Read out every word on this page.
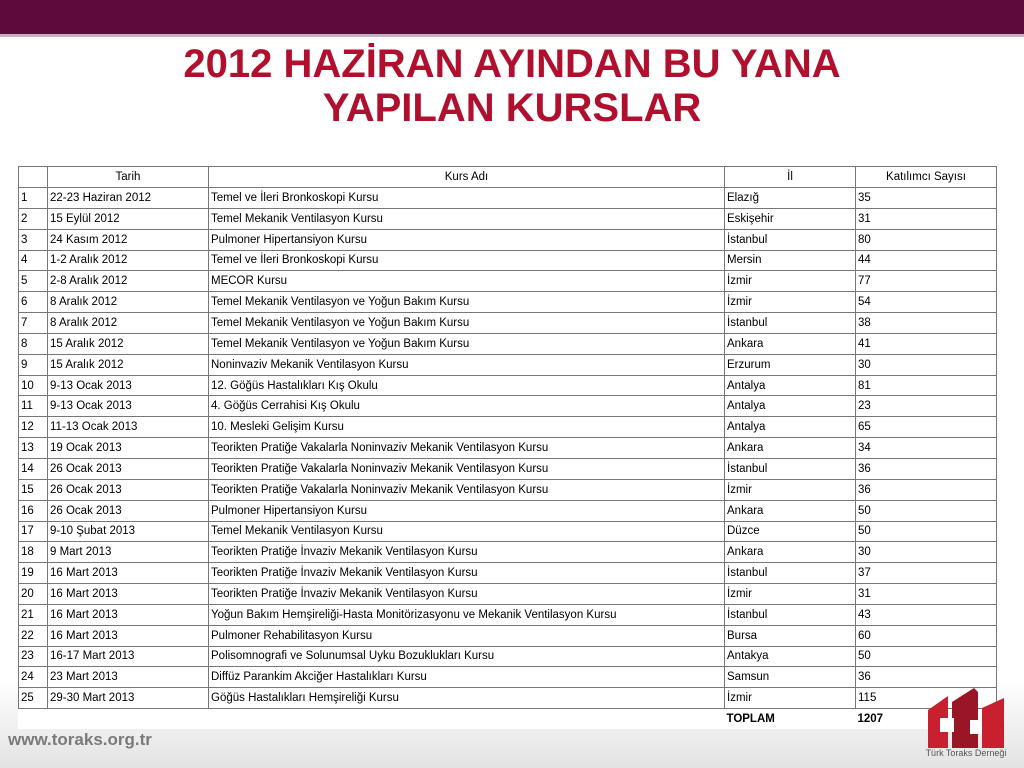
2012 HAZİRAN AYINDAN BU YANA
YAPILAN KURSLAR
	Tarih	Kurs Adı	İl	Katılımcı Sayısı
1	22-23 Haziran 2012	Temel ve İleri Bronkoskopi Kursu	Elazığ	35
2	15 Eylül 2012	Temel Mekanik Ventilasyon Kursu	Eskişehir	31
3	24 Kasım 2012	Pulmoner Hipertansiyon Kursu	İstanbul	80
4	1-2 Aralık 2012	Temel ve İleri Bronkoskopi Kursu	Mersin	44
5	2-8 Aralık 2012	MECOR Kursu	İzmir	77
6	8 Aralık 2012	Temel Mekanik Ventilasyon ve Yoğun Bakım Kursu	İzmir	54
7	8 Aralık 2012	Temel Mekanik Ventilasyon ve Yoğun Bakım Kursu	İstanbul	38
8	15 Aralık 2012	Temel Mekanik Ventilasyon ve Yoğun Bakım Kursu	Ankara	41
9	15 Aralık 2012	Noninvaziv Mekanik Ventilasyon Kursu	Erzurum	30
10	9-13 Ocak 2013	12. Göğüs Hastalıkları Kış Okulu	Antalya	81
11	9-13 Ocak 2013	4. Göğüs Cerrahisi Kış Okulu	Antalya	23
12	11-13 Ocak 2013	10. Mesleki Gelişim Kursu	Antalya	65
13	19 Ocak 2013	Teorikten Pratiğe Vakalarla Noninvaziv Mekanik Ventilasyon Kursu	Ankara	34
14	26 Ocak 2013	Teorikten Pratiğe Vakalarla Noninvaziv Mekanik Ventilasyon Kursu	İstanbul	36
15	26 Ocak 2013	Teorikten Pratiğe Vakalarla Noninvaziv Mekanik Ventilasyon Kursu	İzmir	36
16	26 Ocak 2013	Pulmoner Hipertansiyon Kursu	Ankara	50
17	9-10 Şubat 2013	Temel Mekanik Ventilasyon Kursu	Düzce	50
18	9 Mart 2013	Teorikten Pratiğe İnvaziv Mekanik Ventilasyon Kursu	Ankara	30
19	16 Mart 2013	Teorikten Pratiğe İnvaziv Mekanik Ventilasyon Kursu	İstanbul	37
20	16 Mart 2013	Teorikten Pratiğe İnvaziv Mekanik Ventilasyon Kursu	İzmir	31
21	16 Mart 2013	Yoğun Bakım Hemşireliği-Hasta Monitörizasyonu ve Mekanik Ventilasyon Kursu	İstanbul	43
22	16 Mart 2013	Pulmoner Rehabilitasyon Kursu	Bursa	60
23	16-17 Mart 2013	Polisomnografi ve Solunumsal Uyku Bozuklukları Kursu	Antakya	50
24	23 Mart 2013	Diffüz Parankim Akciğer Hastalıkları Kursu	Samsun	36
25	29-30 Mart 2013	Göğüs Hastalıkları Hemşireliği Kursu	İzmir	115
			TOPLAM	1207
www.toraks.org.tr
Türk Toraks Derneği
